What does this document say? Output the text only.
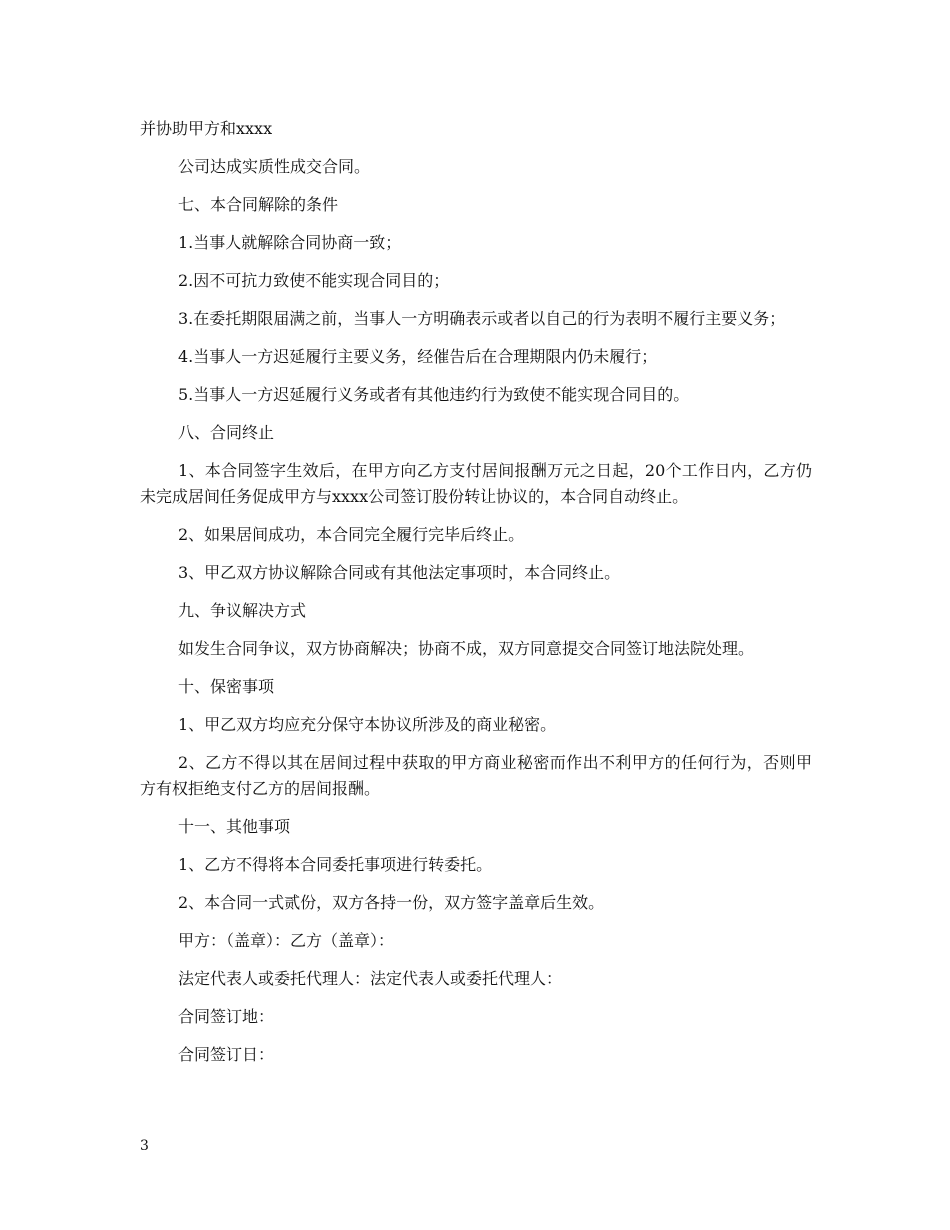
并协助甲方和xxxx

公司达成实质性成交合同。

七、本合同解除的条件

1.当事人就解除合同协商一致；

2.因不可抗力致使不能实现合同目的；

3.在委托期限届满之前，当事人一方明确表示或者以自己的行为表明不履行主要义务；

4.当事人一方迟延履行主要义务，经催告后在合理期限内仍未履行；

5.当事人一方迟延履行义务或者有其他违约行为致使不能实现合同目的。

八、合同终止

1、本合同签字生效后，在甲方向乙方支付居间报酬万元之日起，20个工作日内，乙方仍未完成居间任务促成甲方与xxxx公司签订股份转让协议的，本合同自动终止。

2、如果居间成功，本合同完全履行完毕后终止。

3、甲乙双方协议解除合同或有其他法定事项时，本合同终止。

九、争议解决方式

如发生合同争议，双方协商解决；协商不成，双方同意提交合同签订地法院处理。

十、保密事项

1、甲乙双方均应充分保守本协议所涉及的商业秘密。

2、乙方不得以其在居间过程中获取的甲方商业秘密而作出不利甲方的任何行为，否则甲方有权拒绝支付乙方的居间报酬。

十一、其他事项

1、乙方不得将本合同委托事项进行转委托。

2、本合同一式贰份，双方各持一份，双方签字盖章后生效。

甲方：（盖章）：乙方（盖章）：

法定代表人或委托代理人：法定代表人或委托代理人：

合同签订地：

合同签订日：

3
